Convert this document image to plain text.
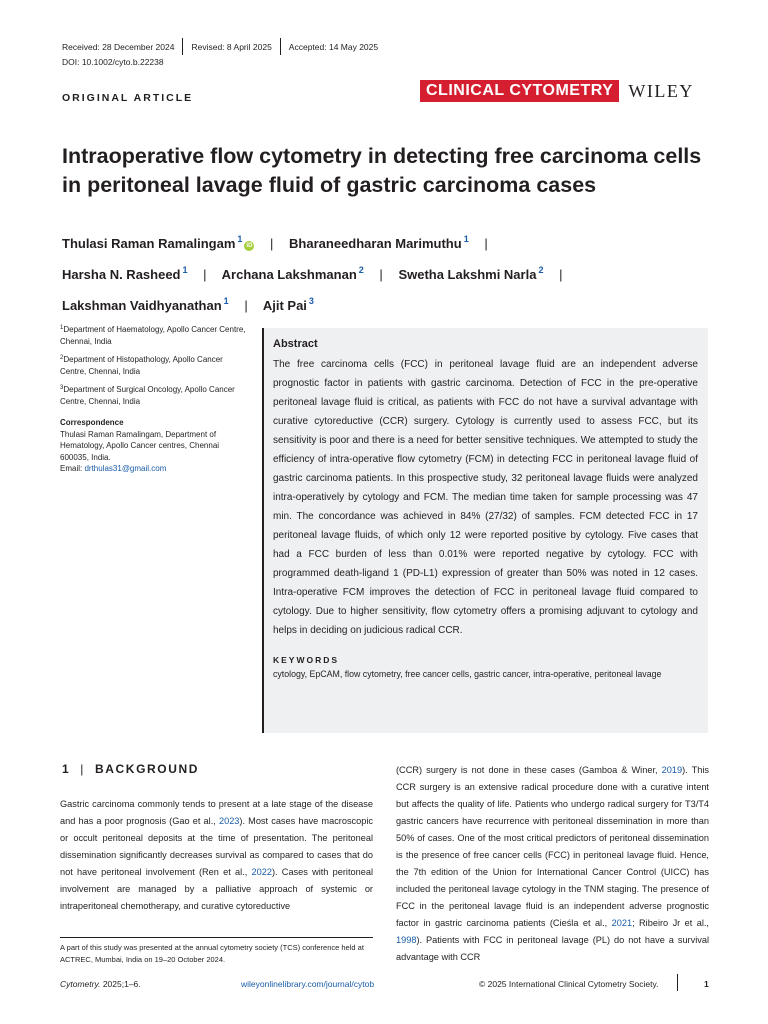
Received: 28 December 2024 Revised: 8 April 2025 Accepted: 14 May 2025
DOI: 10.1002/cyto.b.22238
ORIGINAL ARTICLE	CLINICAL CYTOMETRY WILEY
Intraoperative flow cytometry in detecting free carcinoma cells
in peritoneal lavage fluid of gastric carcinoma cases
Thulasi Raman Ramalingam $^1$iD | Bharaneedharan Marimuthu $^1$ |
Harsha N. Rasheed $^1$ | Archana Lakshmanan $^2$ | Swetha Lakshmi Narla $^2$ |
Lakshman Vaidhyanathan $^1$ | Ajit Pai $^3$

$^1$Department of Haematology, Apollo Cancer Centre, Chennai, India

$^2$Department of Histopathology, Apollo Cancer Centre, Chennai, India

$^3$Department of Surgical Oncology, Apollo Cancer Centre, Chennai, India

Correspondence
Thulasi Raman Ramalingam, Department of Hematology, Apollo Cancer centres, Chennai 600035, India.
Email: drthulas31@gmail.com
Abstract

The free carcinoma cells (FCC) in peritoneal lavage fluid are an independent adverse prognostic factor in patients with gastric carcinoma. Detection of FCC in the pre-operative peritoneal lavage fluid is critical, as patients with FCC do not have a survival advantage with curative cytoreductive (CCR) surgery. Cytology is currently used to assess FCC, but its sensitivity is poor and there is a need for better sensitive techniques. We attempted to study the efficiency of intra-operative flow cytometry (FCM) in detecting FCC in peritoneal lavage fluid of gastric carcinoma patients. In this prospective study, 32 peritoneal lavage fluids were analyzed intra-operatively by cytology and FCM. The median time taken for sample processing was 47 min. The concordance was achieved in 84% (27/32) of samples. FCM detected FCC in 17 peritoneal lavage fluids, of which only 12 were reported positive by cytology. Five cases that had a FCC burden of less than 0.01% were reported negative by cytology. FCC with programmed death-ligand 1 (PD-L1) expression of greater than 50% was noted in 12 cases. Intra-operative FCM improves the detection of FCC in peritoneal lavage fluid compared to cytology. Due to higher sensitivity, flow cytometry offers a promising adjuvant to cytology and helps in deciding on judicious radical CCR.

KEYWORDS
cytology, EpCAM, flow cytometry, free cancer cells, gastric cancer, intra-operative, peritoneal lavage
1 | BACKGROUND
Gastric carcinoma commonly tends to present at a late stage of the disease and has a poor prognosis (Gao et al., 2023). Most cases have macroscopic or occult peritoneal deposits at the time of presentation. The peritoneal dissemination significantly decreases survival as compared to cases that do not have peritoneal involvement (Ren et al., 2022). Cases with peritoneal involvement are managed by a palliative approach of systemic or intraperitoneal chemotherapy, and curative cytoreductive
(CCR) surgery is not done in these cases (Gamboa & Winer, 2019). This CCR surgery is an extensive radical procedure done with a curative intent but affects the quality of life. Patients who undergo radical surgery for T3/T4 gastric cancers have recurrence with peritoneal dissemination in more than 50% of cases. One of the most critical predictors of peritoneal dissemination is the presence of free cancer cells (FCC) in peritoneal lavage fluid. Hence, the 7th edition of the Union for International Cancer Control (UICC) has included the peritoneal lavage cytology in the TNM staging. The presence of FCC in the peritoneal lavage fluid is an independent adverse prognostic factor in gastric carcinoma patients (Cieśla et al., 2021; Ribeiro Jr et al., 1998). Patients with FCC in peritoneal lavage (PL) do not have a survival advantage with CCR
A part of this study was presented at the annual cytometry society (TCS) conference held at ACTREC, Mumbai, India on 19–20 October 2024.
Cytometry. 2025;1–6.	wileyonlinelibrary.com/journal/cytob	© 2025 International Clinical Cytometry Society.	1
